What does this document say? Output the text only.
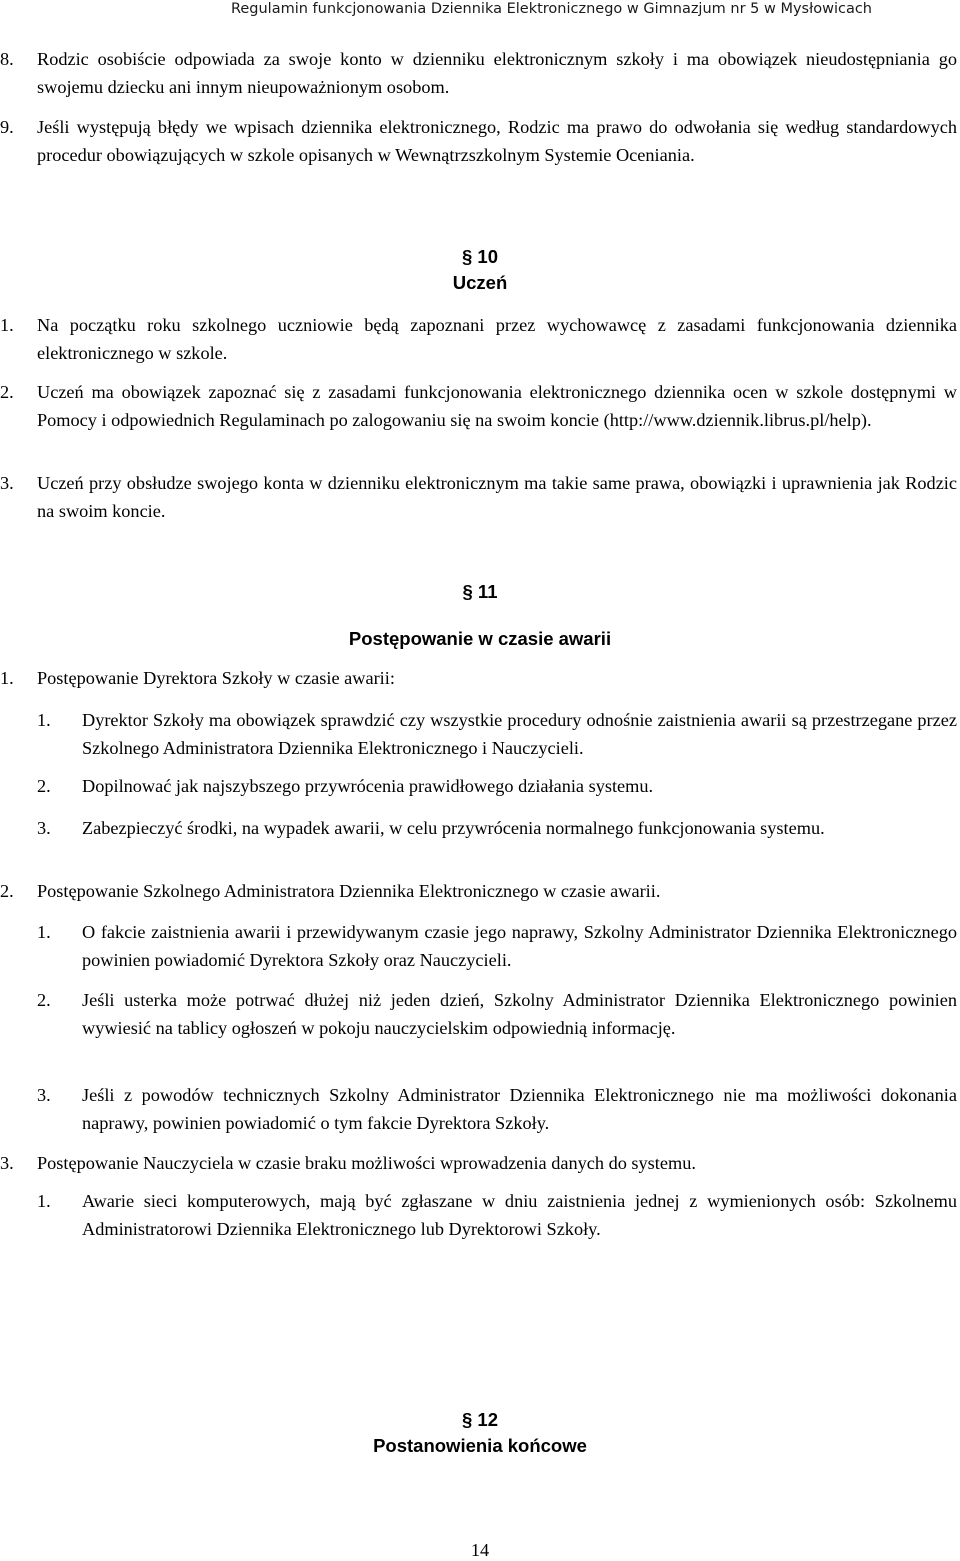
Regulamin funkcjonowania Dziennika Elektronicznego w Gimnazjum nr 5 w Mysłowicach
8. Rodzic osobiście odpowiada za swoje konto w dzienniku elektronicznym szkoły i ma obowiązek nieudostępniania go swojemu dziecku ani innym nieupoważnionym osobom.
9. Jeśli występują błędy we wpisach dziennika elektronicznego, Rodzic ma prawo do odwołania się według standardowych procedur obowiązujących w szkole opisanych w Wewnątrzszkolnym Systemie Oceniania.
§ 10
Uczeń
1. Na początku roku szkolnego uczniowie będą zapoznani przez wychowawcę z zasadami funkcjonowania dziennika elektronicznego w szkole.
2. Uczeń ma obowiązek zapoznać się z zasadami funkcjonowania elektronicznego dziennika ocen w szkole dostępnymi w Pomocy i odpowiednich Regulaminach po zalogowaniu się na swoim koncie (http://www.dziennik.librus.pl/help).
3. Uczeń przy obsłudze swojego konta w dzienniku elektronicznym ma takie same prawa, obowiązki i uprawnienia jak Rodzic na swoim koncie.
§ 11
Postępowanie w czasie awarii
1. Postępowanie Dyrektora Szkoły w czasie awarii:
1. Dyrektor Szkoły ma obowiązek sprawdzić czy wszystkie procedury odnośnie zaistnienia awarii są przestrzegane przez Szkolnego Administratora Dziennika Elektronicznego i Nauczycieli.
2. Dopilnować jak najszybszego przywrócenia prawidłowego działania systemu.
3. Zabezpieczyć środki, na wypadek awarii, w celu przywrócenia normalnego funkcjonowania systemu.
2. Postępowanie Szkolnego Administratora Dziennika Elektronicznego w czasie awarii.
1. O fakcie zaistnienia awarii i przewidywanym czasie jego naprawy, Szkolny Administrator Dziennika Elektronicznego powinien powiadomić Dyrektora Szkoły oraz Nauczycieli.
2. Jeśli usterka może potrwać dłużej niż jeden dzień, Szkolny Administrator Dziennika Elektronicznego powinien wywiesić na tablicy ogłoszeń w pokoju nauczycielskim odpowiednią informację.
3. Jeśli z powodów technicznych Szkolny Administrator Dziennika Elektronicznego nie ma możliwości dokonania naprawy, powinien powiadomić o tym fakcie Dyrektora Szkoły.
3. Postępowanie Nauczyciela w czasie braku możliwości wprowadzenia danych do systemu.
1. Awarie sieci komputerowych, mają być zgłaszane w dniu zaistnienia jednej z wymienionych osób: Szkolnemu Administratorowi Dziennika Elektronicznego lub Dyrektorowi Szkoły.
§ 12
Postanowienia końcowe
14
